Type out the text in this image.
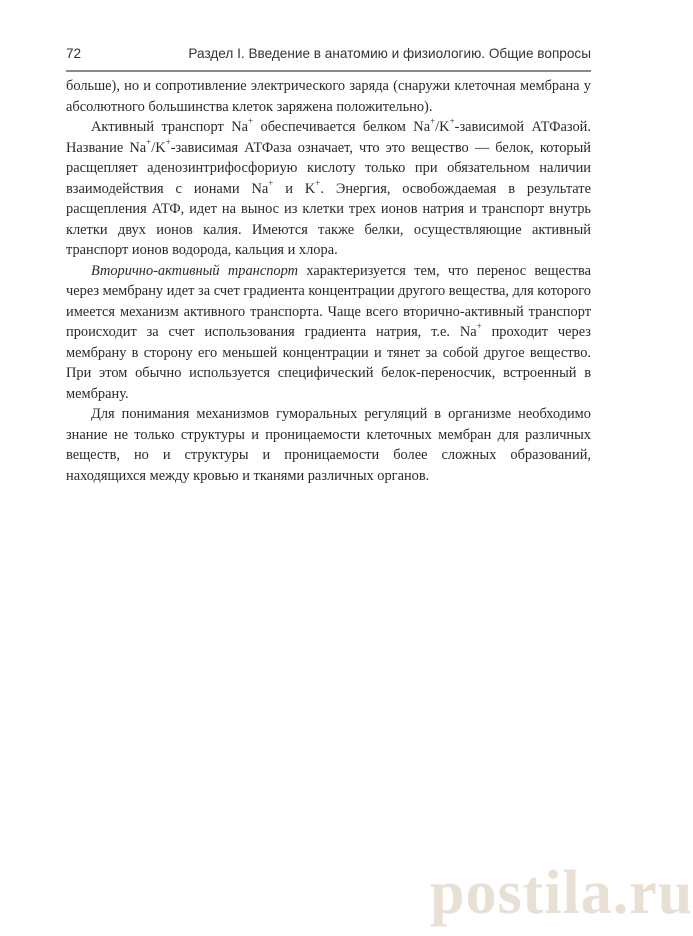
72	Раздел I. Введение в анатомию и физиологию. Общие вопросы

больше), но и сопротивление электрического заряда (снаружи клеточная мембрана у абсолютного большинства клеток заряжена положительно).

Активный транспорт Na+ обеспечивается белком Na+/K+-зависимой АТФазой. Название Na+/K+-зависимая АТФаза означает, что это вещество — белок, который расщепляет аденозинтрифосфориую кислоту только при обязательном наличии взаимодействия с ионами Na+ и K+. Энергия, освобождаемая в результате расщепления АТФ, идет на вынос из клетки трех ионов натрия и транспорт внутрь клетки двух ионов калия. Имеются также белки, осуществляющие активный транспорт ионов водорода, кальция и хлора.

Вторично-активный транспорт характеризуется тем, что перенос вещества через мембрану идет за счет градиента концентрации другого вещества, для которого имеется механизм активного транспорта. Чаще всего вторично-активный транспорт происходит за счет использования градиента натрия, т.е. Na+ проходит через мембрану в сторону его меньшей концентрации и тянет за собой другое вещество. При этом обычно используется специфический белок-переносчик, встроенный в мембрану.

Для понимания механизмов гуморальных регуляций в организме необходимо знание не только структуры и проницаемости клеточных мембран для различных веществ, но и структуры и проницаемости более сложных образований, находящихся между кровью и тканями различных органов.

postila.ru
